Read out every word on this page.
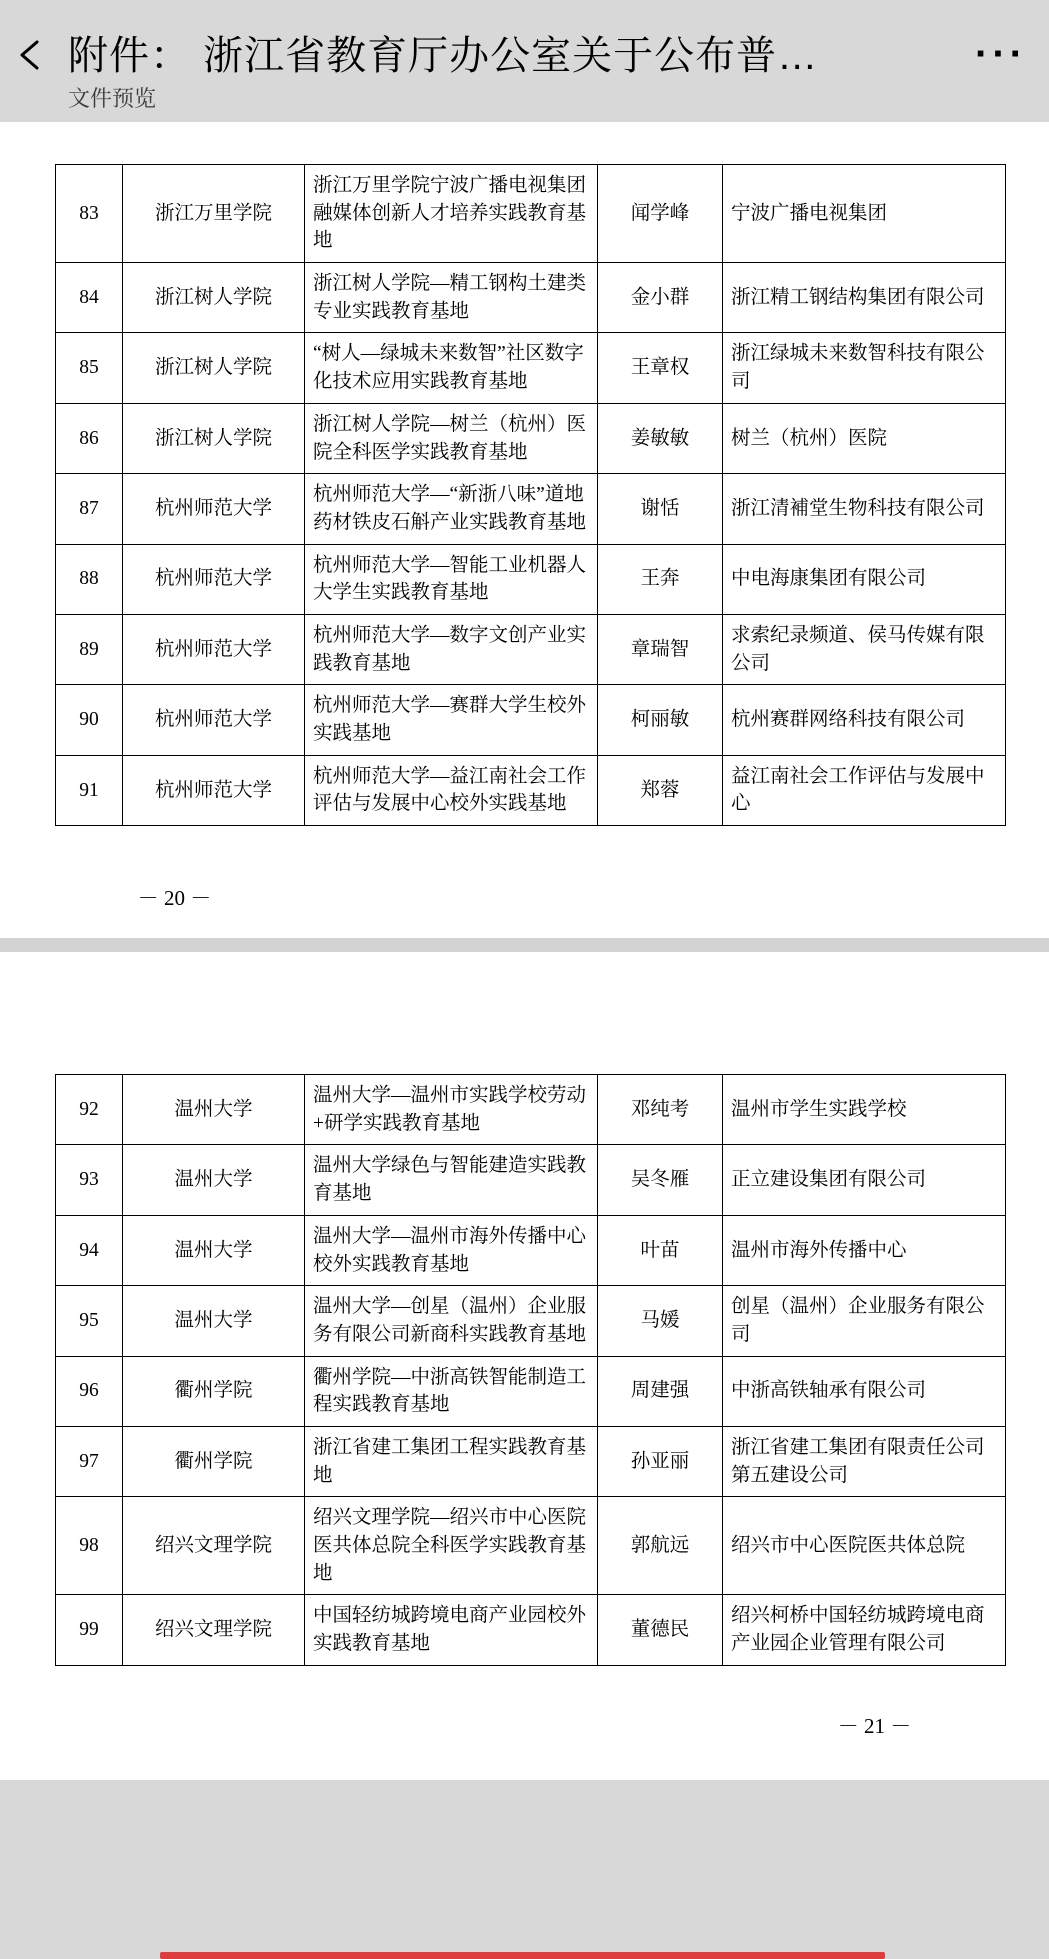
附件： 浙江省教育厅办公室关于公布普…
文件预览
···
83	浙江万里学院	浙江万里学院宁波广播电视集团融媒体创新人才培养实践教育基地	闻学峰	宁波广播电视集团
84	浙江树人学院	浙江树人学院—精工钢构土建类专业实践教育基地	金小群	浙江精工钢结构集团有限公司
85	浙江树人学院	“树人—绿城未来数智”社区数字化技术应用实践教育基地	王章权	浙江绿城未来数智科技有限公司
86	浙江树人学院	浙江树人学院—树兰（杭州）医院全科医学实践教育基地	姜敏敏	树兰（杭州）医院
87	杭州师范大学	杭州师范大学—“新浙八味”道地药材铁皮石斛产业实践教育基地	谢恬	浙江清補堂生物科技有限公司
88	杭州师范大学	杭州师范大学—智能工业机器人大学生实践教育基地	王奔	中电海康集团有限公司
89	杭州师范大学	杭州师范大学—数字文创产业实践教育基地	章瑞智	求索纪录频道、侯马传媒有限公司
90	杭州师范大学	杭州师范大学—赛群大学生校外实践基地	柯丽敏	杭州赛群网络科技有限公司
91	杭州师范大学	杭州师范大学—益江南社会工作评估与发展中心校外实践基地	郑蓉	益江南社会工作评估与发展中心
－ 20 －
92	温州大学	温州大学—温州市实践学校劳动+研学实践教育基地	邓纯考	温州市学生实践学校
93	温州大学	温州大学绿色与智能建造实践教育基地	吴冬雁	正立建设集团有限公司
94	温州大学	温州大学—温州市海外传播中心校外实践教育基地	叶苗	温州市海外传播中心
95	温州大学	温州大学—创星（温州）企业服务有限公司新商科实践教育基地	马媛	创星（温州）企业服务有限公司
96	衢州学院	衢州学院—中浙高铁智能制造工程实践教育基地	周建强	中浙高铁轴承有限公司
97	衢州学院	浙江省建工集团工程实践教育基地	孙亚丽	浙江省建工集团有限责任公司第五建设公司
98	绍兴文理学院	绍兴文理学院—绍兴市中心医院医共体总院全科医学实践教育基地	郭航远	绍兴市中心医院医共体总院
99	绍兴文理学院	中国轻纺城跨境电商产业园校外实践教育基地	董德民	绍兴柯桥中国轻纺城跨境电商产业园企业管理有限公司
－ 21 －
